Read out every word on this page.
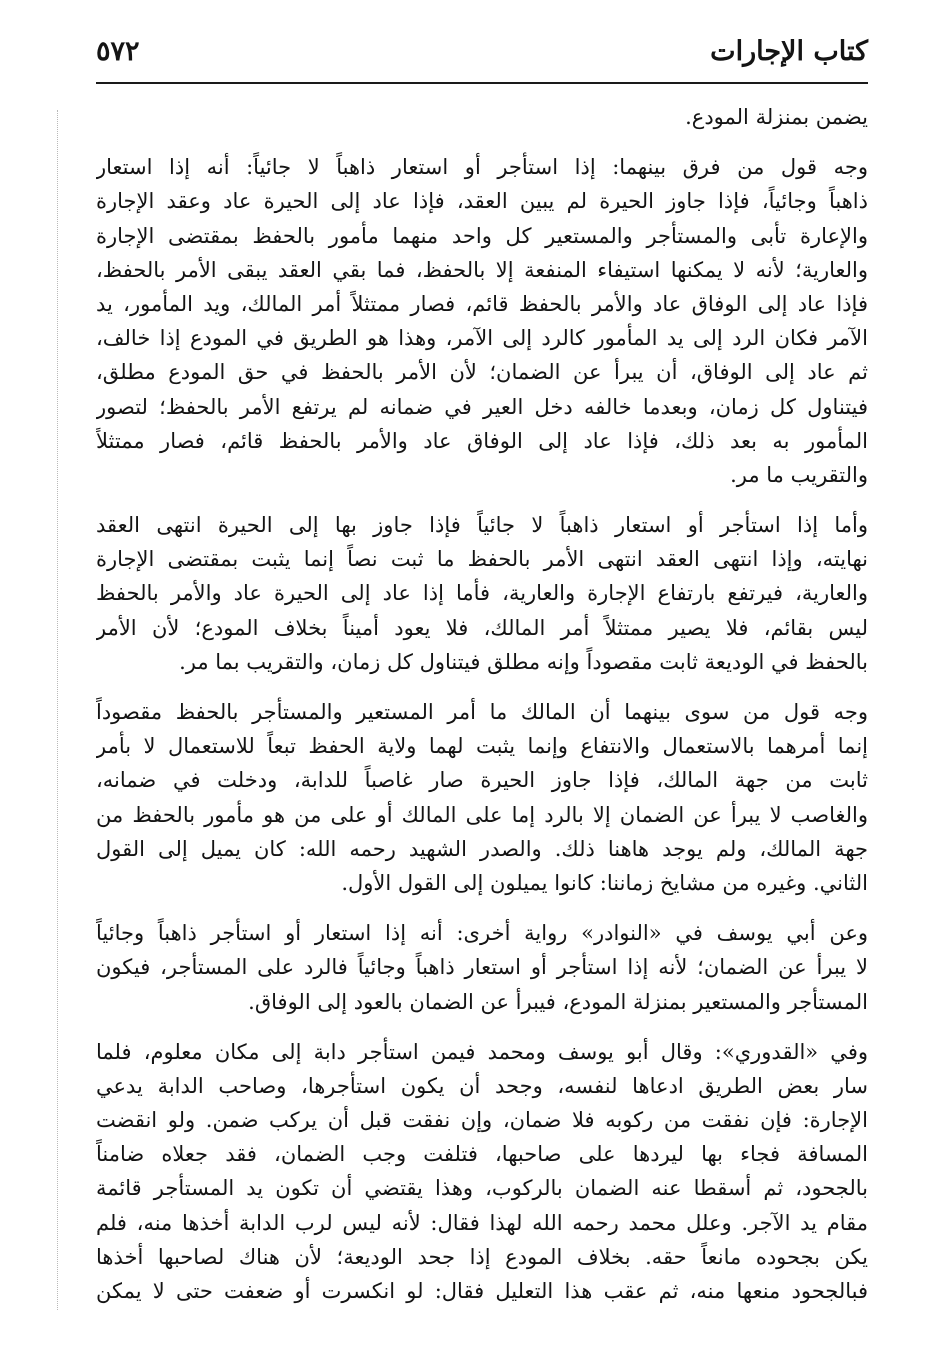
كتاب الإجارات
٥٧٢
يضمن بمنزلة المودع.
وجه قول من فرق بينهما: إذا استأجر أو استعار ذاهباً لا جائياً: أنه إذا استعار
ذاهباً وجائياً، فإذا جاوز الحيرة لم يبين العقد، فإذا عاد إلى الحيرة عاد وعقد الإجارة
والإعارة تأبى والمستأجر والمستعير كل واحد منهما مأمور بالحفظ بمقتضى الإجارة
والعارية؛ لأنه لا يمكنها استيفاء المنفعة إلا بالحفظ، فما بقي العقد يبقى الأمر بالحفظ،
فإذا عاد إلى الوفاق عاد والأمر بالحفظ قائم، فصار ممتثلاً أمر المالك، ويد المأمور، يد
الآمر فكان الرد إلى يد المأمور كالرد إلى الآمر، وهذا هو الطريق في المودع إذا خالف،
ثم عاد إلى الوفاق، أن يبرأ عن الضمان؛ لأن الأمر بالحفظ في حق المودع مطلق،
فيتناول كل زمان، وبعدما خالفه دخل العير في ضمانه لم يرتفع الأمر بالحفظ؛ لتصور
المأمور به بعد ذلك، فإذا عاد إلى الوفاق عاد والأمر بالحفظ قائم، فصار ممتثلاً
والتقريب ما مر.
وأما إذا استأجر أو استعار ذاهباً لا جائياً فإذا جاوز بها إلى الحيرة انتهى العقد
نهايته، وإذا انتهى العقد انتهى الأمر بالحفظ ما ثبت نصاً إنما يثبت بمقتضى الإجارة
والعارية، فيرتفع بارتفاع الإجارة والعارية، فأما إذا عاد إلى الحيرة عاد والأمر بالحفظ
ليس بقائم، فلا يصير ممتثلاً أمر المالك، فلا يعود أميناً بخلاف المودع؛ لأن الأمر
بالحفظ في الوديعة ثابت مقصوداً وإنه مطلق فيتناول كل زمان، والتقريب بما مر.
وجه قول من سوى بينهما أن المالك ما أمر المستعير والمستأجر بالحفظ مقصوداً
إنما أمرهما بالاستعمال والانتفاع وإنما يثبت لهما ولاية الحفظ تبعاً للاستعمال لا بأمر
ثابت من جهة المالك، فإذا جاوز الحيرة صار غاصباً للدابة، ودخلت في ضمانه،
والغاصب لا يبرأ عن الضمان إلا بالرد إما على المالك أو على من هو مأمور بالحفظ من
جهة المالك، ولم يوجد هاهنا ذلك. والصدر الشهيد رحمه الله: كان يميل إلى القول
الثاني. وغيره من مشايخ زماننا: كانوا يميلون إلى القول الأول.
وعن أبي يوسف في «النوادر» رواية أخرى: أنه إذا استعار أو استأجر ذاهباً وجائياً
لا يبرأ عن الضمان؛ لأنه إذا استأجر أو استعار ذاهباً وجائياً فالرد على المستأجر، فيكون
المستأجر والمستعير بمنزلة المودع، فيبرأ عن الضمان بالعود إلى الوفاق.
وفي «القدوري»: وقال أبو يوسف ومحمد فيمن استأجر دابة إلى مكان معلوم، فلما
سار بعض الطريق ادعاها لنفسه، وجحد أن يكون استأجرها، وصاحب الدابة يدعي
الإجارة: فإن نفقت من ركوبه فلا ضمان، وإن نفقت قبل أن يركب ضمن. ولو انقضت
المسافة فجاء بها ليردها على صاحبها، فتلفت وجب الضمان، فقد جعلاه ضامناً
بالجحود، ثم أسقطا عنه الضمان بالركوب، وهذا يقتضي أن تكون يد المستأجر قائمة
مقام يد الآجر. وعلل محمد رحمه الله لهذا فقال: لأنه ليس لرب الدابة أخذها منه، فلم
يكن بجحوده مانعاً حقه. بخلاف المودع إذا جحد الوديعة؛ لأن هناك لصاحبها أخذها
فبالجحود منعها منه، ثم عقب هذا التعليل فقال: لو انكسرت أو ضعفت حتى لا يمكن
